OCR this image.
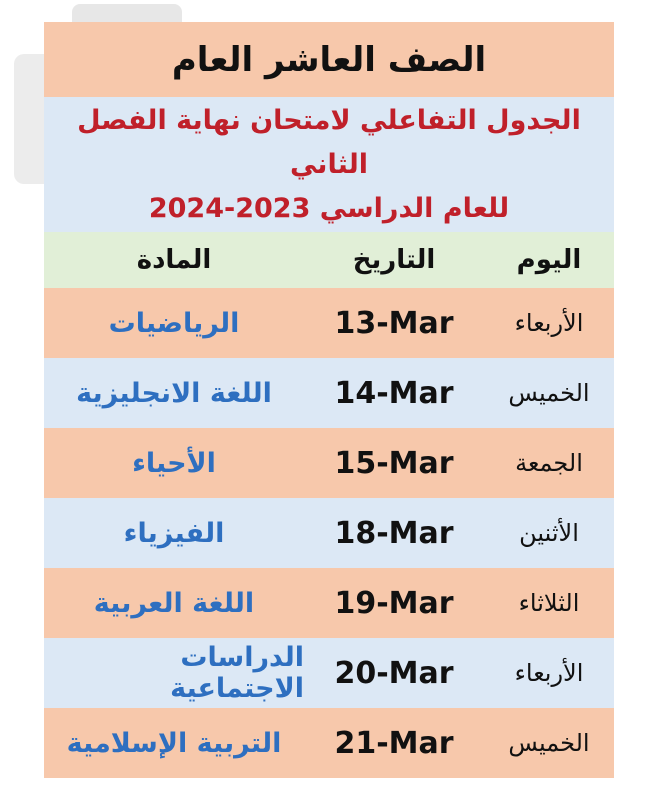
الصف العاشر العام
الجدول التفاعلي لامتحان نهاية الفصل الثاني
للعام الدراسي 2023-2024
اليوم
التاريخ
المادة
الأربعاء
13-Mar
الرياضيات
الخميس
14-Mar
اللغة الانجليزية
الجمعة
15-Mar
الأحياء
الأثنين
18-Mar
الفيزياء
الثلاثاء
19-Mar
اللغة العربية
الأربعاء
20-Mar
الدراسات الاجتماعية
الخميس
21-Mar
التربية الإسلامية
